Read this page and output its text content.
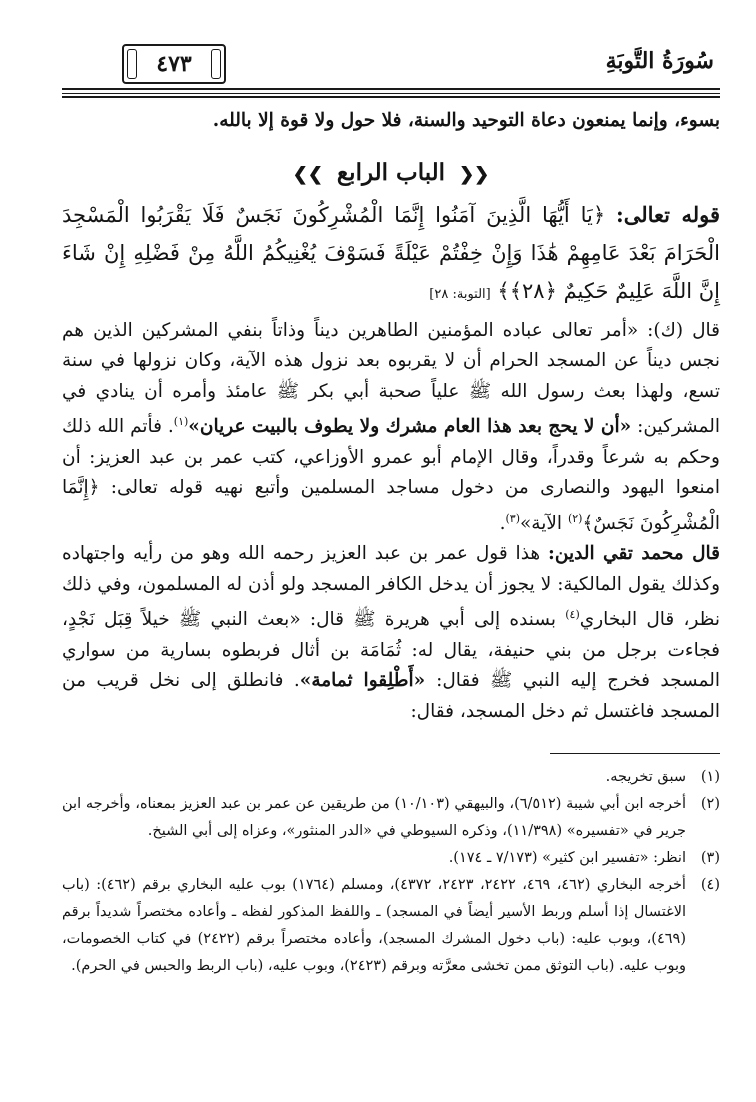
سُورَةُ التَّوبَةِ
٤٧٣

بسوء، وإنما يمنعون دعاة التوحيد والسنة، فلا حول ولا قوة إلا بالله.

❮❮ الباب الرابع ❯❯

قوله تعالى: ﴿يَا أَيُّهَا الَّذِينَ آمَنُوا إِنَّمَا الْمُشْرِكُونَ نَجَسٌ فَلَا يَقْرَبُوا الْمَسْجِدَ الْحَرَامَ بَعْدَ عَامِهِمْ هَٰذَا وَإِنْ خِفْتُمْ عَيْلَةً فَسَوْفَ يُغْنِيكُمُ اللَّهُ مِنْ فَضْلِهِ إِنْ شَاءَ إِنَّ اللَّهَ عَلِيمٌ حَكِيمٌ ﴿٢٨﴾﴾ [التوبة: ٢٨]

قال (ك): «أمر تعالى عباده المؤمنين الطاهرين ديناً وذاتاً بنفي المشركين الذين هم نجس ديناً عن المسجد الحرام أن لا يقربوه بعد نزول هذه الآية، وكان نزولها في سنة تسع، ولهذا بعث رسول الله ﷺ علياً صحبة أبي بكر ﷺ عامئذ وأمره أن ينادي في المشركين: «أن لا يحج بعد هذا العام مشرك ولا يطوف بالبيت عريان»$^{(١)}$. فأتم الله ذلك وحكم به شرعاً وقدراً، وقال الإمام أبو عمرو الأوزاعي، كتب عمر بن عبد العزيز: أن امنعوا اليهود والنصارى من دخول مساجد المسلمين وأتبع نهيه قوله تعالى: ﴿إِنَّمَا الْمُشْرِكُونَ نَجَسٌ﴾$^{(٢)}$ الآية»$^{(٣)}$.

قال محمد تقي الدين: هذا قول عمر بن عبد العزيز رحمه الله وهو من رأيه واجتهاده وكذلك يقول المالكية: لا يجوز أن يدخل الكافر المسجد ولو أذن له المسلمون، وفي ذلك نظر، قال البخاري$^{(٤)}$ بسنده إلى أبي هريرة ﷺ قال: «بعث النبي ﷺ خيلاً قِبَل نَجْدٍ، فجاءت برجل من بني حنيفة، يقال له: ثُمَامَة بن أثال فربطوه بسارية من سواري المسجد فخرج إليه النبي ﷺ فقال: «أَطْلِقوا ثمامة». فانطلق إلى نخل قريب من المسجد فاغتسل ثم دخل المسجد، فقال:

(١)
سبق تخريجه.
(٢)
أخرجه ابن أبي شيبة (٦/٥١٢)، والبيهقي (١٠/١٠٣) من طريقين عن عمر بن عبد العزيز بمعناه، وأخرجه ابن جرير في «تفسيره» (١١/٣٩٨)، وذكره السيوطي في «الدر المنثور»، وعزاه إلى أبي الشيخ.
(٣)
انظر: «تفسير ابن كثير» (٧/١٧٣ ـ ١٧٤).
(٤)
أخرجه البخاري (٤٦٢، ٤٦٩، ٢٤٢٢، ٢٤٢٣، ٤٣٧٢)، ومسلم (١٧٦٤) بوب عليه البخاري برقم (٤٦٢): (باب الاغتسال إذا أسلم وربط الأسير أيضاً في المسجد) ـ واللفظ المذكور لفظه ـ وأعاده مختصراً شديداً برقم (٤٦٩)، وبوب عليه: (باب دخول المشرك المسجد)، وأعاده مختصراً برقم (٢٤٢٢) في كتاب الخصومات، وبوب عليه. (باب التوثق ممن تخشى معرَّته وبرقم (٢٤٢٣)، وبوب عليه، (باب الربط والحبس في الحرم).
